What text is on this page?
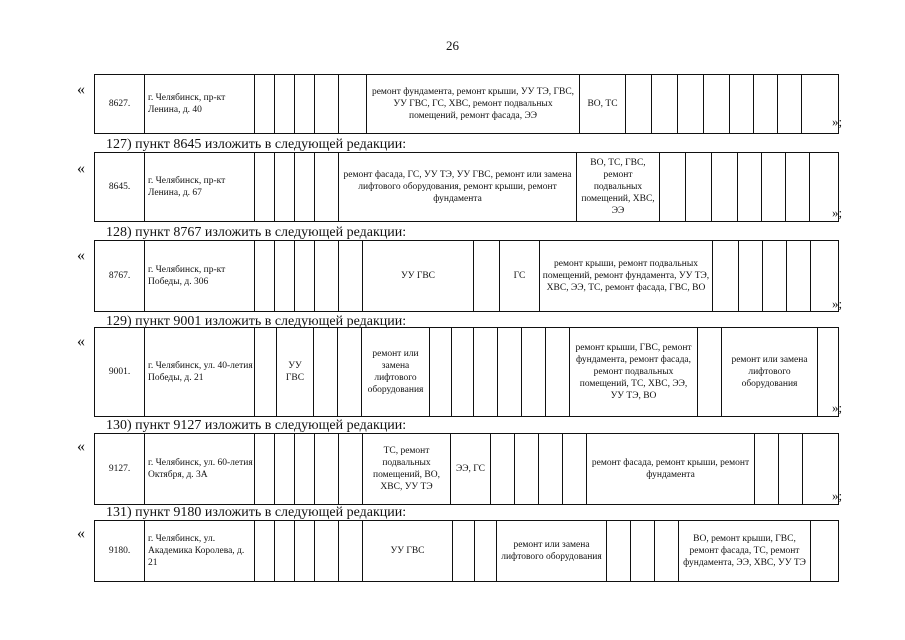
26
«
8627.
г. Челябинск, пр-кт Ленина, д. 40
ремонт фундамента, ремонт крыши, УУ ТЭ, ГВС, УУ ГВС, ГС, ХВС, ремонт подвальных помещений, ремонт фасада, ЭЭ
ВО, ТС
»;
127) пункт 8645 изложить в следующей редакции:
«
8645.
г. Челябинск, пр-кт Ленина, д. 67
ремонт фасада, ГС, УУ ТЭ, УУ ГВС, ремонт или замена лифтового оборудования, ремонт крыши, ремонт фундамента
ВО, ТС, ГВС, ремонт подвальных помещений, ХВС, ЭЭ	»;
128) пункт 8767 изложить в следующей редакции:
«
8767.
г. Челябинск, пр-кт Победы, д. 306
УУ ГВС	ГС
ремонт крыши, ремонт подвальных помещений, ремонт фундамента, УУ ТЭ, ХВС, ЭЭ, ТС, ремонт фасада, ГВС, ВО
»;
129) пункт 9001 изложить в следующей редакции:
«
9001.
г. Челябинск, ул. 40-летия Победы, д. 21
УУ ГВС
ремонт или замена лифтового оборудования
ремонт крыши, ГВС, ремонт фундамента, ремонт фасада, ремонт подвальных помещений, ТС, ХВС, ЭЭ, УУ ТЭ, ВО
ремонт или замена лифтового оборудования
»;
130) пункт 9127 изложить в следующей редакции:
«
9127.
г. Челябинск, ул. 60-летия Октября, д. 3А
ТС, ремонт подвальных помещений, ВО, ХВС, УУ ТЭ
ЭЭ, ГС
ремонт фасада, ремонт крыши, ремонт фундамента
»;
131) пункт 9180 изложить в следующей редакции:
«
9180.
г. Челябинск, ул. Академика Королева, д. 21
УУ ГВС
ремонт или замена лифтового оборудования
ВО, ремонт крыши, ГВС, ремонт фасада, ТС, ремонт фундамента, ЭЭ, ХВС, УУ ТЭ
